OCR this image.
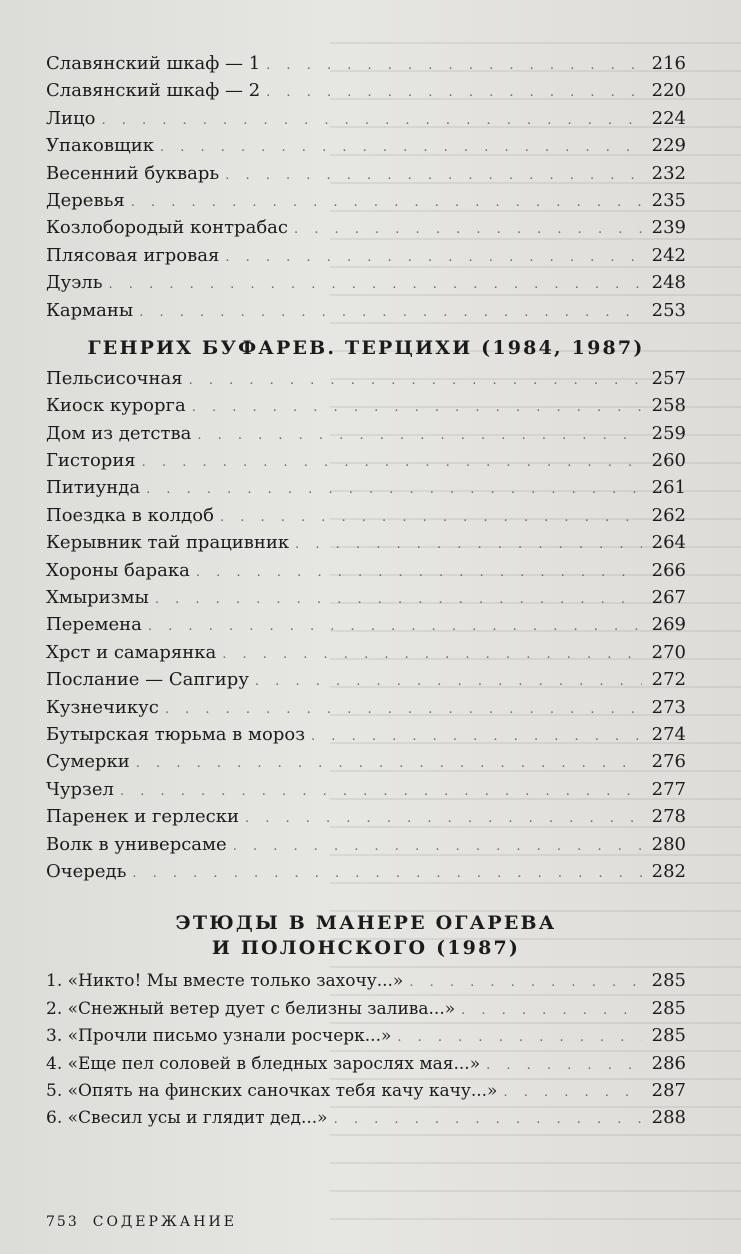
Славянский шкаф — 1 . . .	216
Славянский шкаф — 2 . . .	220
Лицо . . .	224
Упаковщик . . .	229
Весенний букварь . . .	232
Деревья . . .	235
Козлобородый контрабас . . .	239
Плясовая игровая . . .	242
Дуэль . . .	248
Карманы . . .	253
ГЕНРИХ БУФАРЕВ. ТЕРЦИХИ (1984, 1987)
Пельсисочная . . .	257
Киоск курорга . . .	258
Дом из детства . . .	259
Гистория . . .	260
Питиунда . . .	261
Поездка в колдоб . . .	262
Керывник тай працивник . . .	264
Хороны барака . . .	266
Хмыризмы . . .	267
Перемена . . .	269
Хрст и самарянка . . .	270
Послание — Сапгиру . . .	272
Кузнечикус . . .	273
Бутырская тюрьма в мороз . . .	274
Сумерки . . .	276
Чурзел . . .	277
Паренек и герлески . . .	278
Волк в универсаме . . .	280
Очередь . . .	282
ЭТЮДЫ В МАНЕРЕ ОГАРЕВА
И ПОЛОНСКОГО (1987)
1. «Никто! Мы вместе только захочу...» . . .	285
2. «Снежный ветер дует с белизны залива...» . . .	285
3. «Прочли письмо узнали росчерк...» . . .	285
4. «Еще пел соловей в бледных зарослях мая...» . . .	286
5. «Опять на финских саночках тебя качу качу...» . . .	287
6. «Свесил усы и глядит дед...» . . .	288
753 СОДЕРЖАНИЕ
